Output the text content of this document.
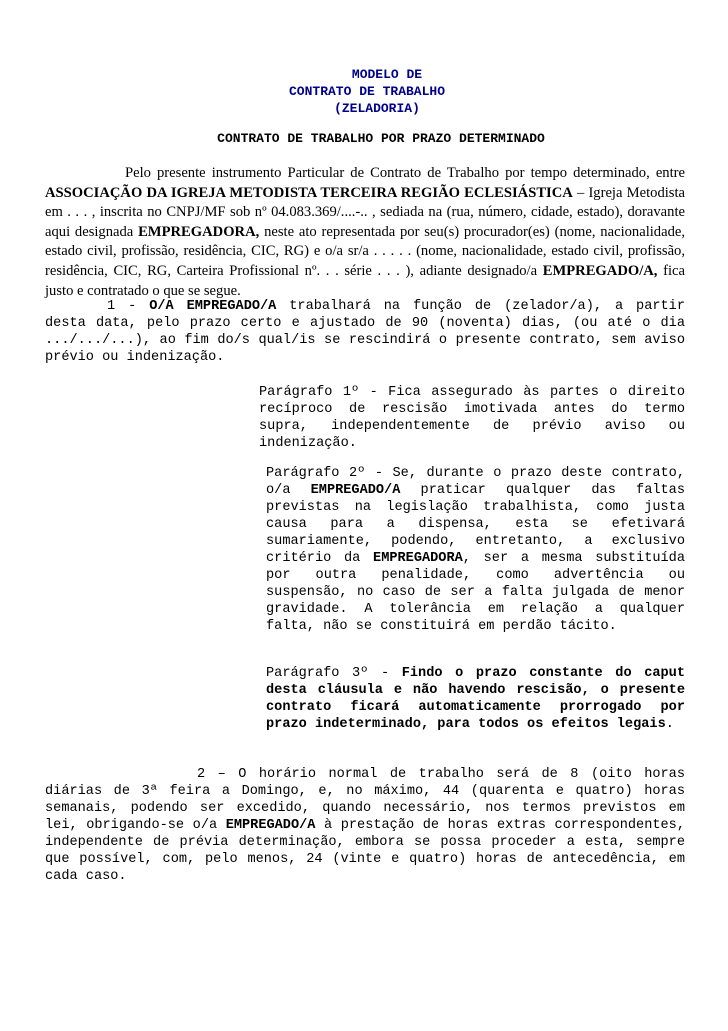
MODELO DE
CONTRATO DE TRABALHO
(ZELADORIA)
CONTRATO DE TRABALHO POR PRAZO DETERMINADO

Pelo presente instrumento Particular de Contrato de Trabalho por tempo determinado, entre ASSOCIAÇÃO DA IGREJA METODISTA TERCEIRA REGIÃO ECLESIÁSTICA – Igreja Metodista em . . . , inscrita no CNPJ/MF sob nº 04.083.369/....-.. , sediada na (rua, número, cidade, estado), doravante aqui designada EMPREGADORA, neste ato representada por seu(s) procurador(es) (nome, nacionalidade, estado civil, profissão, residência, CIC, RG) e o/a sr/a . . . . . (nome, nacionalidade, estado civil, profissão, residência, CIC, RG, Carteira Profissional nº. . . série . . . ), adiante designado/a EMPREGADO/A, fica justo e contratado o que se segue.

1 - O/A EMPREGADO/A trabalhará na função de (zelador/a), a partir desta data, pelo prazo certo e ajustado de 90 (noventa) dias, (ou até o dia .../.../...), ao fim do/s qual/is se rescindirá o presente contrato, sem aviso prévio ou indenização.

Parágrafo 1º - Fica assegurado às partes o direito recíproco de rescisão imotivada antes do termo supra, independentemente de prévio aviso ou indenização.

Parágrafo 2º - Se, durante o prazo deste contrato, o/a EMPREGADO/A praticar qualquer das faltas previstas na legislação trabalhista, como justa causa para a dispensa, esta se efetivará sumariamente, podendo, entretanto, a exclusivo critério da EMPREGADORA, ser a mesma substituída por outra penalidade, como advertência ou suspensão, no caso de ser a falta julgada de menor gravidade. A tolerância em relação a qualquer falta, não se constituirá em perdão tácito.

Parágrafo 3º - Findo o prazo constante do caput desta cláusula e não havendo rescisão, o presente contrato ficará automaticamente prorrogado por prazo indeterminado, para todos os efeitos legais.

2 – O horário normal de trabalho será de 8 (oito horas diárias de 3ª feira a Domingo, e, no máximo, 44 (quarenta e quatro) horas semanais, podendo ser excedido, quando necessário, nos termos previstos em lei, obrigando-se o/a EMPREGADO/A à prestação de horas extras correspondentes, independente de prévia determinação, embora se possa proceder a esta, sempre que possível, com, pelo menos, 24 (vinte e quatro) horas de antecedência, em cada caso.
